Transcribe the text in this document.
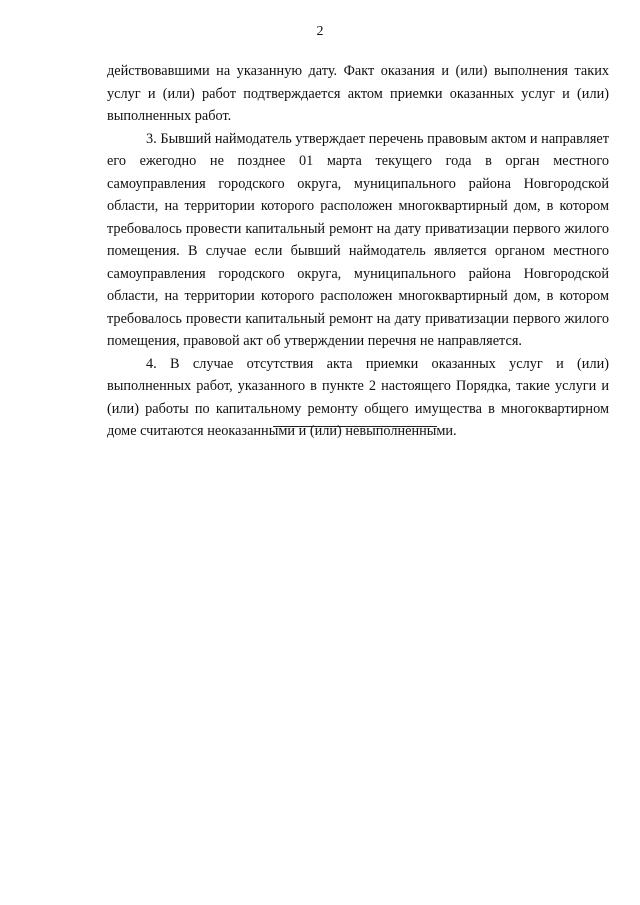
2

действовавшими на указанную дату. Факт оказания и (или) выполнения таких услуг и (или) работ подтверждается актом приемки оказанных услуг и (или) выполненных работ.

3. Бывший наймодатель утверждает перечень правовым актом и направляет его ежегодно не позднее 01 марта текущего года в орган местного самоуправления городского округа, муниципального района Новгородской области, на территории которого расположен многоквартирный дом, в котором требовалось провести капитальный ремонт на дату приватизации первого жилого помещения. В случае если бывший наймодатель является органом местного самоуправления городского округа, муниципального района Новгородской области, на территории которого расположен многоквартирный дом, в котором требовалось провести капитальный ремонт на дату приватизации первого жилого помещения, правовой акт об утверждении перечня не направляется.

4. В случае отсутствия акта приемки оказанных услуг и (или) выполненных работ, указанного в пункте 2 настоящего Порядка, такие услуги и (или) работы по капитальному ремонту общего имущества в многоквартирном доме считаются неоказанными и (или) невыполненными.
